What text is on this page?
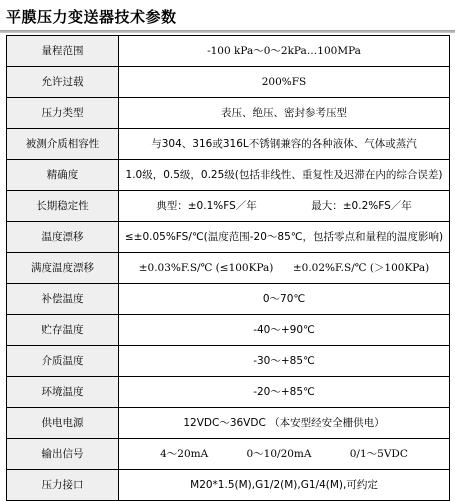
平膜压力变送器技术参数
量程范围	-100 kPa～0～2kPa…100MPa
允许过载	200%FS
压力类型	表压、绝压、密封参考压型
被测介质相容性	与304、316或316L不锈钢兼容的各种液体、气体或蒸汽
精确度	1.0级，0.5级，0.25级(包括非线性、重复性及迟滞在内的综合误差)
长期稳定性	典型：±0.1%FS／年 最大：±0.2%FS／年

温度漂移	≤±0.05%FS/℃(温度范围-20～85℃，包括零点和量程的温度影响)
满度温度漂移	±0.03%F.S/℃ (≤100KPa) ±0.02%F.S/℃ (＞100KPa)

补偿温度	0～70℃
贮存温度	-40～+90℃
介质温度	-30～+85℃
环境温度	-20～+85℃
供电电源	12VDC～36VDC （本安型经安全栅供电）
输出信号	4～20mA 0～10/20mA 0/1～5VDC

压力接口	M20*1.5(M),G1/2(M),G1/4(M),可约定
